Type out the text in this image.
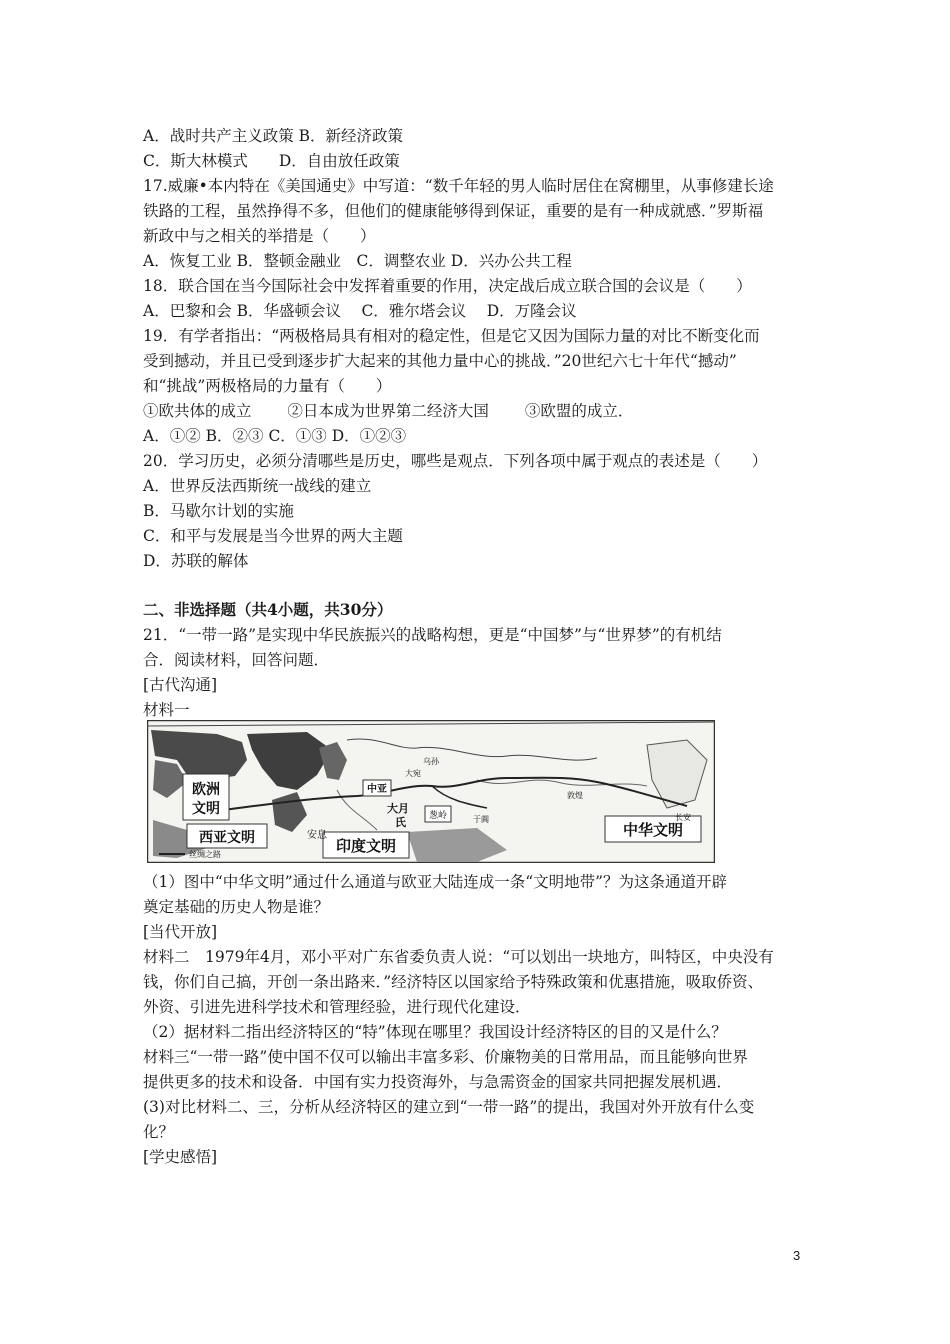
A．战时共产主义政策 B．新经济政策
C．斯大林模式　　D．自由放任政策
17.威廉•本内特在《美国通史》中写道：“数千年轻的男人临时居住在窝棚里，从事修建长途
铁路的工程，虽然挣得不多，但他们的健康能够得到保证，重要的是有一种成就感．”罗斯福
新政中与之相关的举措是（　　）
A．恢复工业 B．整顿金融业　C．调整农业 D．兴办公共工程
18．联合国在当今国际社会中发挥着重要的作用，决定战后成立联合国的会议是（　　）
A．巴黎和会 B．华盛顿会议　 C．雅尔塔会议　 D．万隆会议
19．有学者指出：“两极格局具有相对的稳定性，但是它又因为国际力量的对比不断变化而
受到撼动，并且已受到逐步扩大起来的其他力量中心的挑战．”20世纪六七十年代“撼动”
和“挑战”两极格局的力量有（　　）
①欧共体的成立　　 ②日本成为世界第二经济大国　　 ③欧盟的成立．
A．①② B．②③ C．①③ D．①②③
20．学习历史，必须分清哪些是历史，哪些是观点．下列各项中属于观点的表述是（　　）
A．世界反法西斯统一战线的建立
B．马歇尔计划的实施
C．和平与发展是当今世界的两大主题
D．苏联的解体
二、非选择题（共4小题，共30分）
21．“一带一路”是实现中华民族振兴的战略构想，更是“中国梦”与“世界梦”的有机结
合．阅读材料，回答问题．
[古代沟通]
材料一
欧洲
文明
西亚文明	印度文明
中华文明
中亚
葱岭
大月
氏
安息
大宛
乌孙
于阗
敦煌
长安
丝绸之路
（1）图中“中华文明”通过什么通道与欧亚大陆连成一条“文明地带”？为这条通道开辟
奠定基础的历史人物是谁？
[当代开放]
材料二　1979年4月，邓小平对广东省委负责人说：“可以划出一块地方，叫特区，中央没有
钱，你们自己搞，开创一条出路来．”经济特区以国家给予特殊政策和优惠措施，吸取侨资、
外资、引进先进科学技术和管理经验，进行现代化建设．
（2）据材料二指出经济特区的“特”体现在哪里？我国设计经济特区的目的又是什么？
材料三“一带一路”使中国不仅可以输出丰富多彩、价廉物美的日常用品，而且能够向世界
提供更多的技术和设备．中国有实力投资海外，与急需资金的国家共同把握发展机遇．
(3)对比材料二、三，分析从经济特区的建立到“一带一路”的提出，我国对外开放有什么变
化？
[学史感悟]
3
